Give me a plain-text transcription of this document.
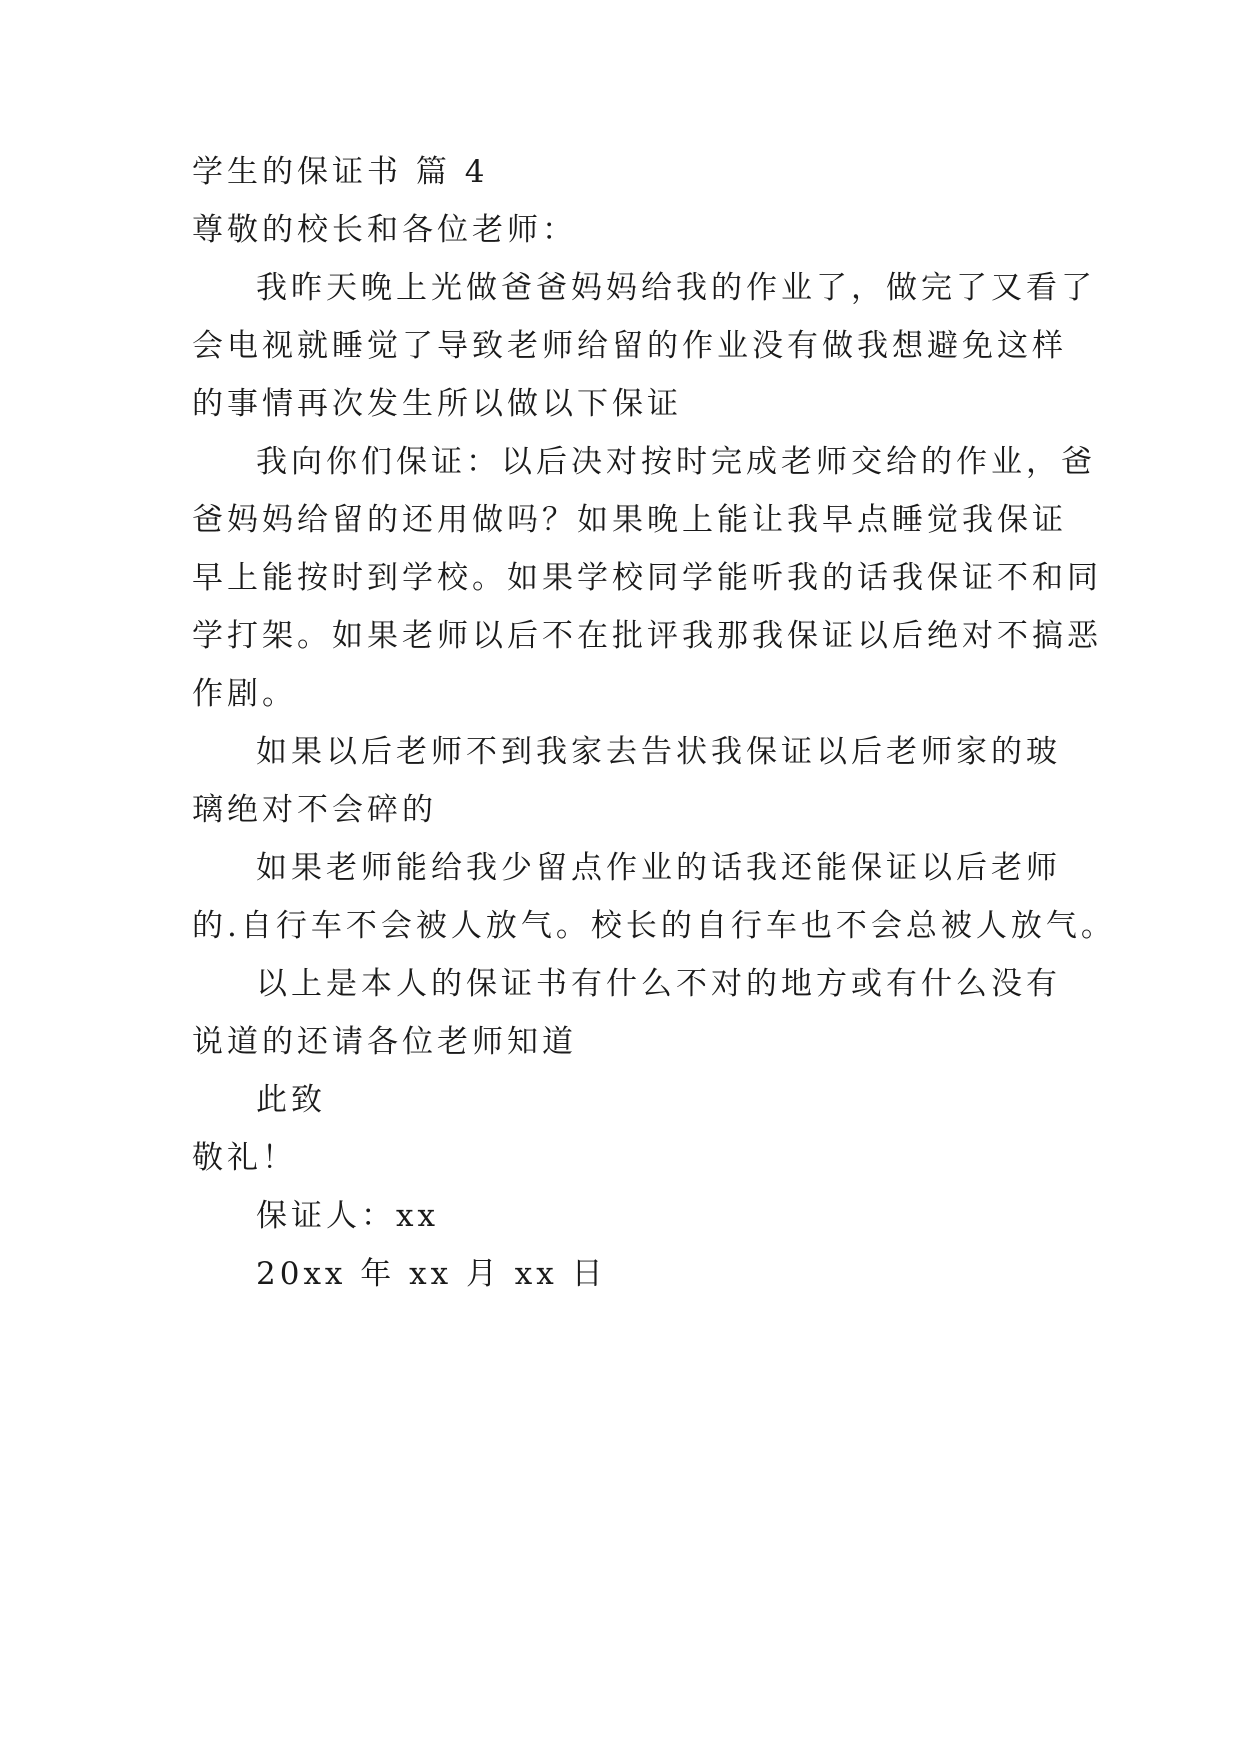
学生的保证书 篇 4
尊敬的校长和各位老师：
我昨天晚上光做爸爸妈妈给我的作业了，做完了又看了
会电视就睡觉了导致老师给留的作业没有做我想避免这样
的事情再次发生所以做以下保证
我向你们保证：以后决对按时完成老师交给的作业，爸
爸妈妈给留的还用做吗？如果晚上能让我早点睡觉我保证
早上能按时到学校。如果学校同学能听我的话我保证不和同
学打架。如果老师以后不在批评我那我保证以后绝对不搞恶
作剧。
如果以后老师不到我家去告状我保证以后老师家的玻
璃绝对不会碎的
如果老师能给我少留点作业的话我还能保证以后老师
的.自行车不会被人放气。校长的自行车也不会总被人放气。
以上是本人的保证书有什么不对的地方或有什么没有
说道的还请各位老师知道
此致
敬礼！
保证人：xx
20xx 年 xx 月 xx 日
